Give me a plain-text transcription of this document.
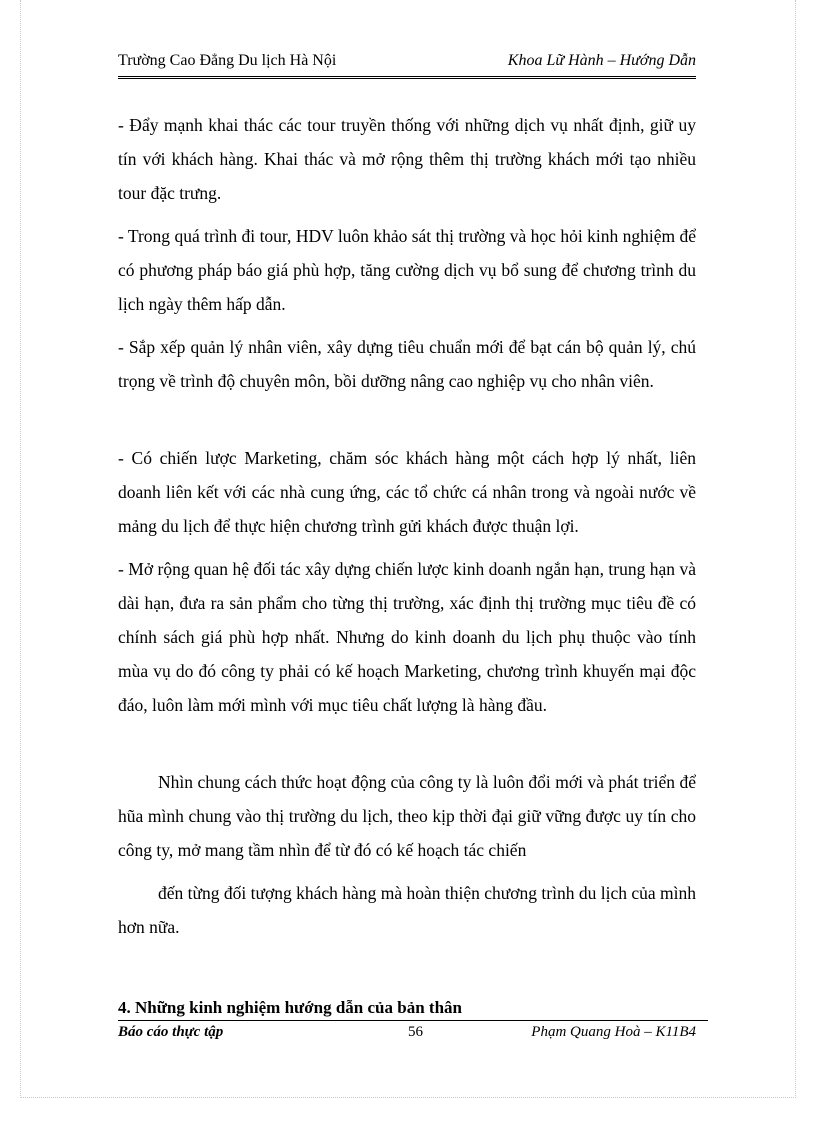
Trường Cao Đẳng Du lịch Hà Nội	Khoa Lữ Hành – Hướng Dẫn

- Đẩy mạnh khai thác các tour truyền thống với những dịch vụ nhất định, giữ uy tín với khách hàng. Khai thác và mở rộng thêm thị trường khách mới tạo nhiều tour đặc trưng.

- Trong quá trình đi tour, HDV luôn khảo sát thị trường và học hỏi kinh nghiệm để có phương pháp báo giá phù hợp, tăng cường dịch vụ bổ sung để chương trình du lịch ngày thêm hấp dẫn.

- Sắp xếp quản lý nhân viên, xây dựng tiêu chuẩn mới để bạt cán bộ quản lý, chú trọng về trình độ chuyên môn, bồi dưỡng nâng cao nghiệp vụ cho nhân viên.

- Có chiến lược Marketing, chăm sóc khách hàng một cách hợp lý nhất, liên doanh liên kết với các nhà cung ứng, các tổ chức cá nhân trong và ngoài nước về mảng du lịch để thực hiện chương trình gửi khách được thuận lợi.

- Mở rộng quan hệ đối tác xây dựng chiến lược kinh doanh ngắn hạn, trung hạn và dài hạn, đưa ra sản phẩm cho từng thị trường, xác định thị trường mục tiêu đề có chính sách giá phù hợp nhất. Nhưng do kinh doanh du lịch phụ thuộc vào tính mùa vụ do đó công ty phải có kế hoạch Marketing, chương trình khuyến mại độc đáo, luôn làm mới mình với mục tiêu chất lượng là hàng đầu.

Nhìn chung cách thức hoạt động của công ty là luôn đổi mới và phát triển để hũa mình chung vào thị trường du lịch, theo kịp thời đại giữ vững được uy tín cho công ty, mở mang tầm nhìn để từ đó có kế hoạch tác chiến

đến từng đối tượng khách hàng mà hoàn thiện chương trình du lịch của mình hơn nữa.

4. Những kinh nghiệm hướng dẫn của bản thân

Báo cáo thực tập	56	Phạm Quang Hoà – K11B4
